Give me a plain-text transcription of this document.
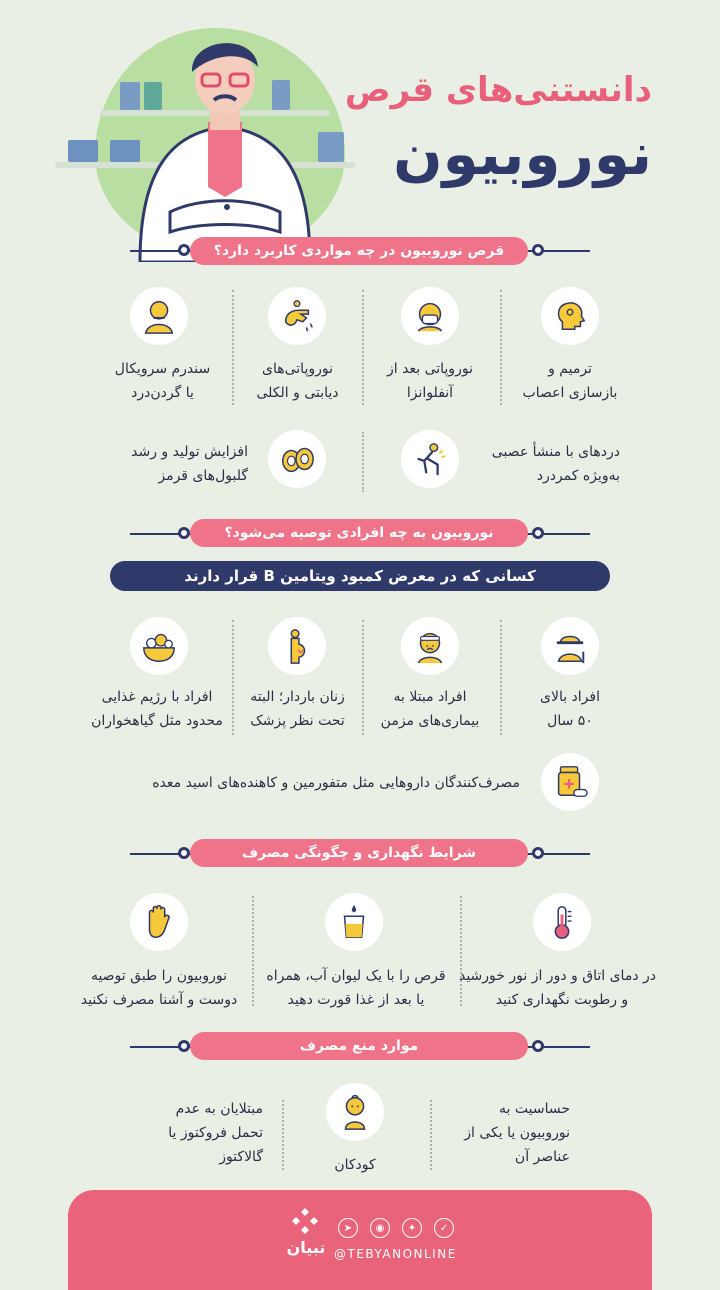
دانستنی‌های قرص
نوروبیون
قرص نوروبیون در چه مواردی کاربرد دارد؟
ترمیم و
بازسازی اعصاب
نوروپاتی بعد از
آنفلوانزا
نوروپاتی‌های
دیابتی و الکلی
سندرم سرویکال
یا گردن‌درد
دردهای با منشأ عصبی
به‌ویژه کمردرد
افزایش تولید و رشد
گلبول‌های قرمز
نوروبیون به چه افرادی توصیه می‌شود؟
کسانی که در معرض کمبود ویتامین B قرار دارند
افراد بالای
۵۰ سال
افراد مبتلا به
بیماری‌های مزمن
زنان باردار؛ البته
تحت نظر پزشک
افراد با رژیم غذایی
محدود مثل گیاهخواران
مصرف‌کنندگان داروهایی مثل متفورمین و کاهنده‌های اسید معده
شرایط نگهداری و چگونگی مصرف
در دمای اتاق و دور از نور خورشید
و رطوبت نگهداری کنید
قرص را با یک لیوان آب، همراه
یا بعد از غذا قورت دهید
نوروبیون را طبق توصیه
دوست و آشنا مصرف نکنید
موارد منع مصرف
حساسیت به
نوروبیون یا یکی از
عناصر آن
کودکان
مبتلایان به عدم
تحمل فروکتوز یا
گالاکتوز
تبیان
➤	◉	✦	✓
@TEBYANONLINE
